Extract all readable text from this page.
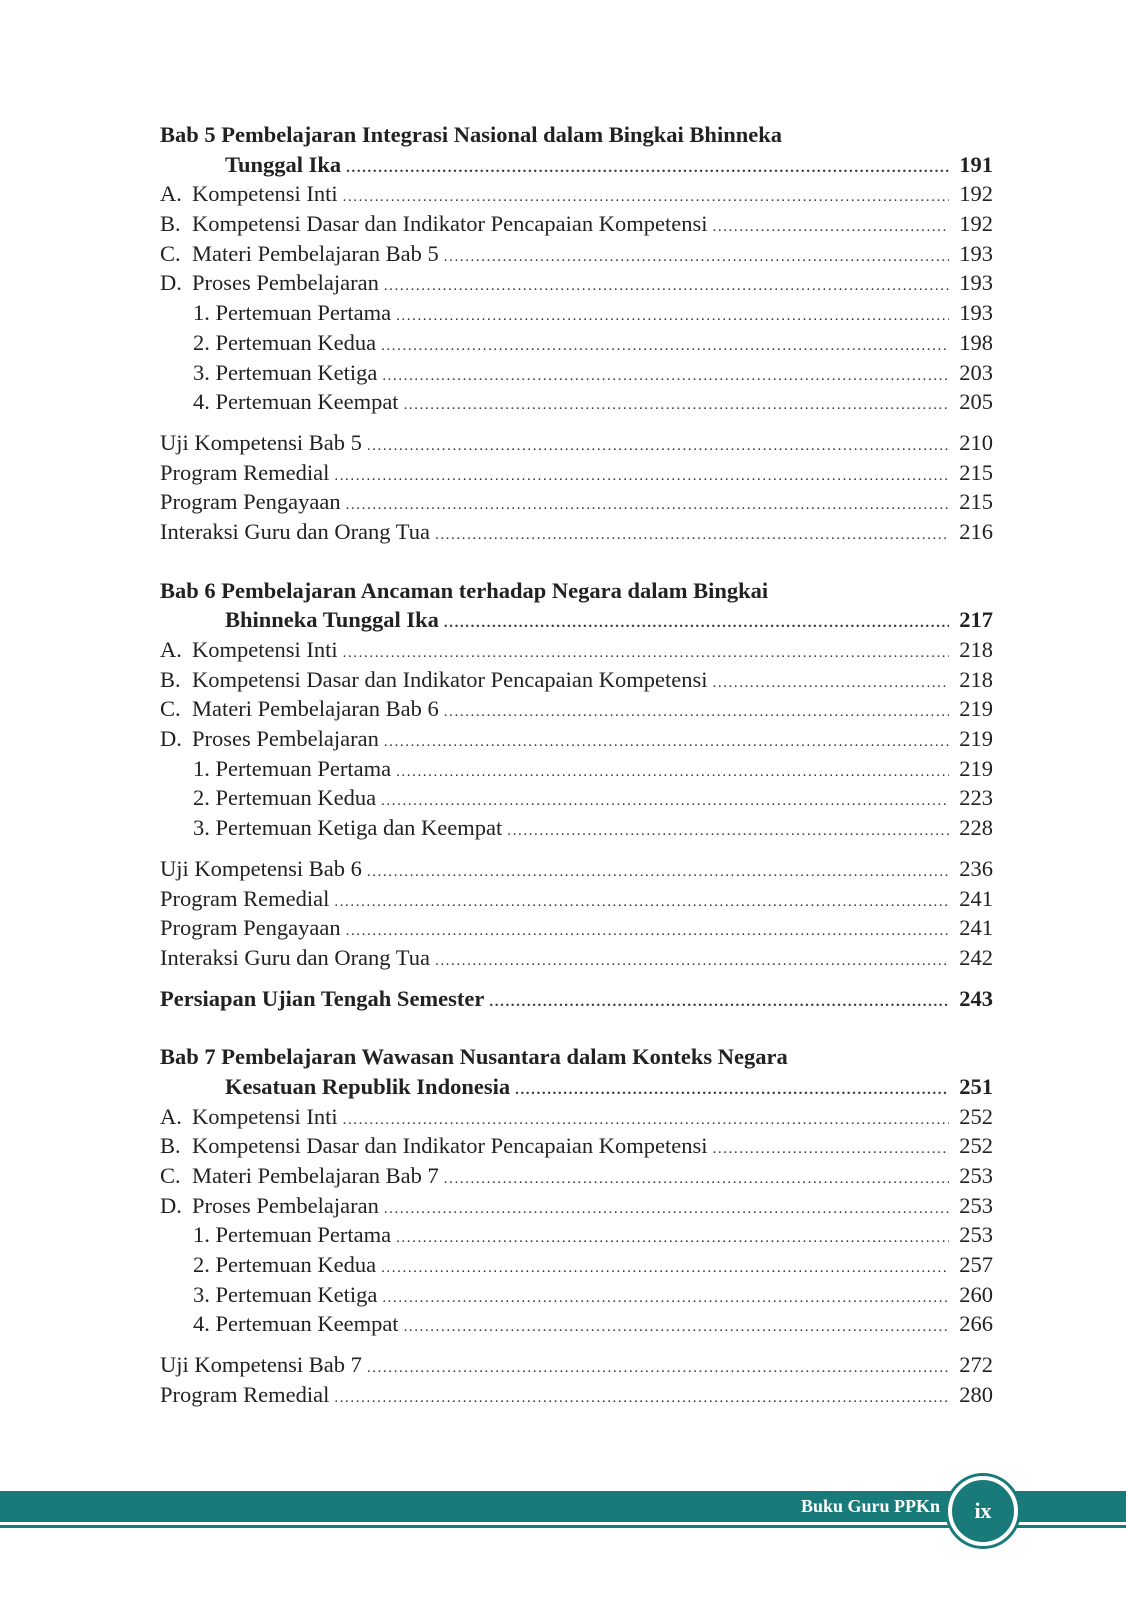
Bab 5 Pembelajaran Integrasi Nasional dalam Bingkai Bhinneka
Tunggal Ika .....	191
A. Kompetensi Inti .....	192
B. Kompetensi Dasar dan Indikator Pencapaian Kompetensi .....	192
C. Materi Pembelajaran Bab 5 .....	193
D. Proses Pembelajaran .....	193
1. Pertemuan Pertama .....	193
2. Pertemuan Kedua .....	198
3. Pertemuan Ketiga .....	203
4. Pertemuan Keempat .....	205
Uji Kompetensi Bab 5 .....	210
Program Remedial .....	215
Program Pengayaan .....	215
Interaksi Guru dan Orang Tua .....	216
Bab 6 Pembelajaran Ancaman terhadap Negara dalam Bingkai
Bhinneka Tunggal Ika .....	217
A. Kompetensi Inti .....	218
B. Kompetensi Dasar dan Indikator Pencapaian Kompetensi .....	218
C. Materi Pembelajaran Bab 6 .....	219
D. Proses Pembelajaran .....	219
1. Pertemuan Pertama .....	219
2. Pertemuan Kedua .....	223
3. Pertemuan Ketiga dan Keempat .....	228
Uji Kompetensi Bab 6 .....	236
Program Remedial .....	241
Program Pengayaan .....	241
Interaksi Guru dan Orang Tua .....	242
Persiapan Ujian Tengah Semester .....	243
Bab 7 Pembelajaran Wawasan Nusantara dalam Konteks Negara
Kesatuan Republik Indonesia .....	251
A. Kompetensi Inti .....	252
B. Kompetensi Dasar dan Indikator Pencapaian Kompetensi .....	252
C. Materi Pembelajaran Bab 7 .....	253
D. Proses Pembelajaran .....	253
1. Pertemuan Pertama .....	253
2. Pertemuan Kedua .....	257
3. Pertemuan Ketiga .....	260
4. Pertemuan Keempat .....	266
Uji Kompetensi Bab 7 .....	272
Program Remedial .....	280
Buku Guru PPKn	ix
